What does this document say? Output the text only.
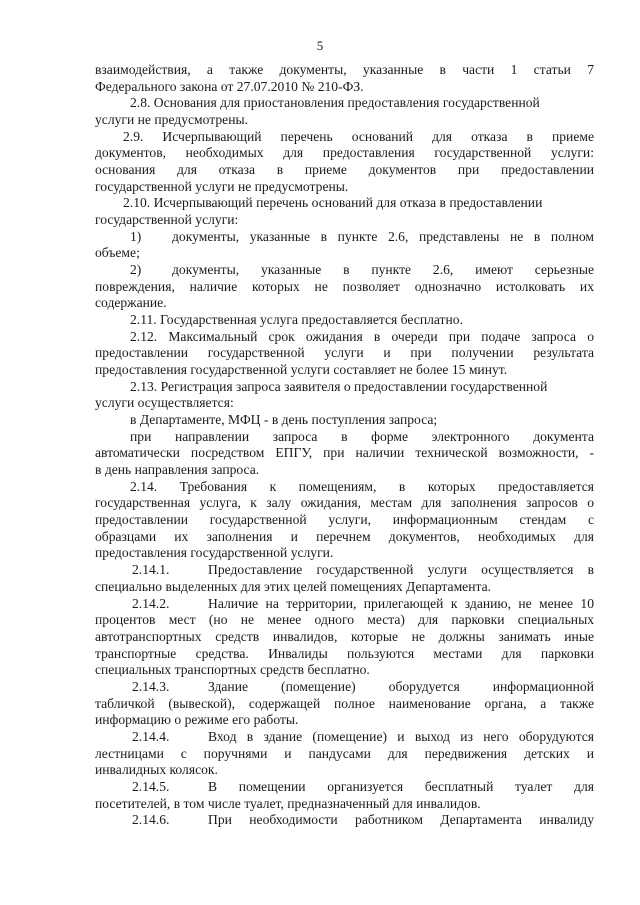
5
взаимодействия, а также документы, указанные в части 1 статьи 7
Федерального закона от 27.07.2010 № 210-ФЗ.
2.8. Основания для приостановления предоставления государственной
услуги не предусмотрены.
2.9. Исчерпывающий перечень оснований для отказа в приеме
документов, необходимых для предоставления государственной услуги:
основания для отказа в приеме документов при предоставлении
государственной услуги не предусмотрены.
2.10. Исчерпывающий перечень оснований для отказа в предоставлении
государственной услуги:
1) документы, указанные в пункте 2.6, представлены не в полном
объеме;
2) документы, указанные в пункте 2.6, имеют серьезные
повреждения, наличие которых не позволяет однозначно истолковать их
содержание.
2.11. Государственная услуга предоставляется бесплатно.
2.12. Максимальный срок ожидания в очереди при подаче запроса о
предоставлении государственной услуги и при получении результата
предоставления государственной услуги составляет не более 15 минут.
2.13. Регистрация запроса заявителя о предоставлении государственной
услуги осуществляется:
в Департаменте, МФЦ - в день поступления запроса;
при направлении запроса в форме электронного документа
автоматически посредством ЕПГУ, при наличии технической возможности, -
в день направления запроса.
2.14. Требования к помещениям, в которых предоставляется
государственная услуга, к залу ожидания, местам для заполнения запросов о
предоставлении государственной услуги, информационным стендам с
образцами их заполнения и перечнем документов, необходимых для
предоставления государственной услуги.
2.14.1.	Предоставление государственной услуги осуществляется в
специально выделенных для этих целей помещениях Департамента.
2.14.2.	Наличие на территории, прилегающей к зданию, не менее 10
процентов мест (но не менее одного места) для парковки специальных
автотранспортных средств инвалидов, которые не должны занимать иные
транспортные средства. Инвалиды пользуются местами для парковки
специальных транспортных средств бесплатно.
2.14.3.	Здание (помещение) оборудуется информационной
табличкой (вывеской), содержащей полное наименование органа, а также
информацию о режиме его работы.
2.14.4.	Вход в здание (помещение) и выход из него оборудуются
лестницами с поручнями и пандусами для передвижения детских и
инвалидных колясок.
2.14.5.	В помещении организуется бесплатный туалет для
посетителей, в том числе туалет, предназначенный для инвалидов.
2.14.6.	При необходимости работником Департамента инвалиду
